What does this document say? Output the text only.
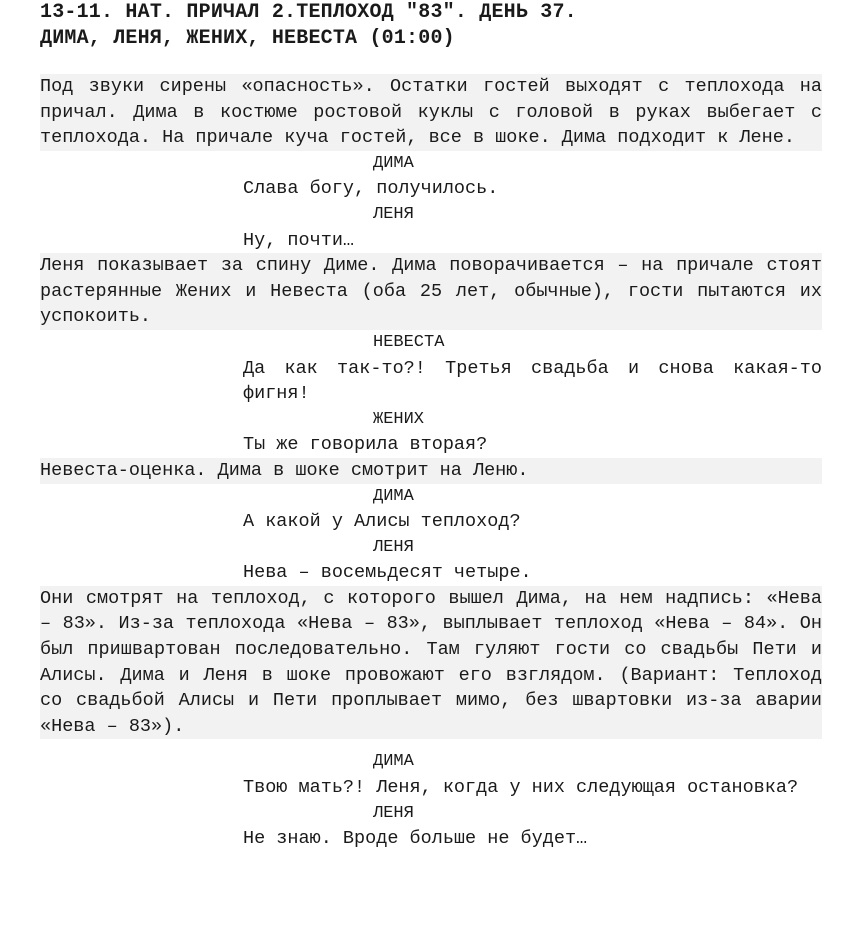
13-11. НАТ. ПРИЧАЛ 2.ТЕПЛОХОД "83". ДЕНЬ 37.
ДИМА, ЛЕНЯ, ЖЕНИХ, НЕВЕСТА (01:00)
Под звуки сирены «опасность». Остатки гостей выходят с теплохода на причал. Дима в костюме ростовой куклы с головой в руках выбегает с теплохода. На причале куча гостей, все в шоке. Дима подходит к Лене.
ДИМА
Слава богу, получилось.
ЛЕНЯ
Ну, почти…
Леня показывает за спину Диме. Дима поворачивается – на причале стоят растерянные Жених и Невеста (оба 25 лет, обычные), гости пытаются их успокоить.
НЕВЕСТА
Да как так-то?! Третья свадьба и снова какая-то фигня!
ЖЕНИХ
Ты же говорила вторая?
Невеста-оценка. Дима в шоке смотрит на Леню.
ДИМА
А какой у Алисы теплоход?
ЛЕНЯ
Нева – восемьдесят четыре.
Они смотрят на теплоход, с которого вышел Дима, на нем надпись: «Нева – 83». Из-за теплохода «Нева – 83», выплывает теплоход «Нева – 84». Он был пришвартован последовательно. Там гуляют гости со свадьбы Пети и Алисы. Дима и Леня в шоке провожают его взглядом. (Вариант: Теплоход со свадьбой Алисы и Пети проплывает мимо, без швартовки из-за аварии «Нева – 83»).
ДИМА
Твою мать?! Леня, когда у них следующая остановка?
ЛЕНЯ
Не знаю. Вроде больше не будет…
